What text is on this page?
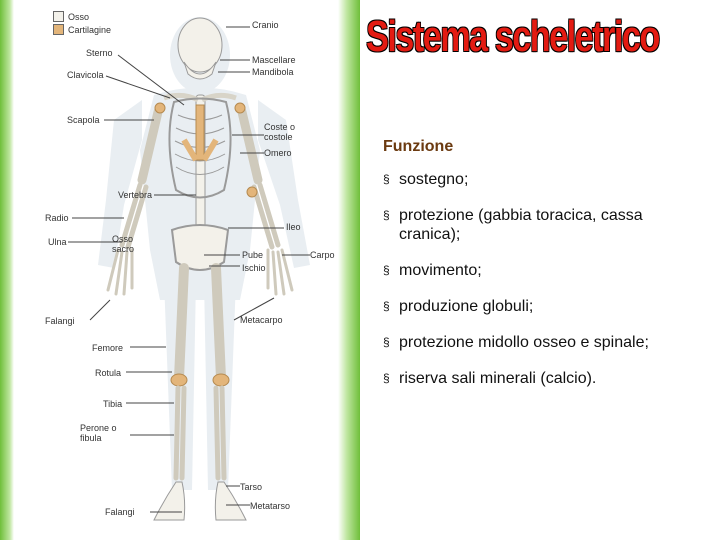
Osso
Cartilagine	Cranio
Mascellare
Mandibola
Sterno
Clavicola
Scapola
Coste o
costole
Omero
Vertebra
Radio
Ulna	Osso
sacro
Ileo
Pube
Ischio
Carpo
Falangi	Metacarpo
Femore
Rotula
Tibia
Perone o
fibula
Tarso
Metatarso
Falangi
Sistema scheletrico
Funzione
§ sostegno;
§ protezione (gabbia toracica, cassa cranica);
§ movimento;
§ produzione globuli;
§ protezione midollo osseo e spinale;
§ riserva sali minerali (calcio).
